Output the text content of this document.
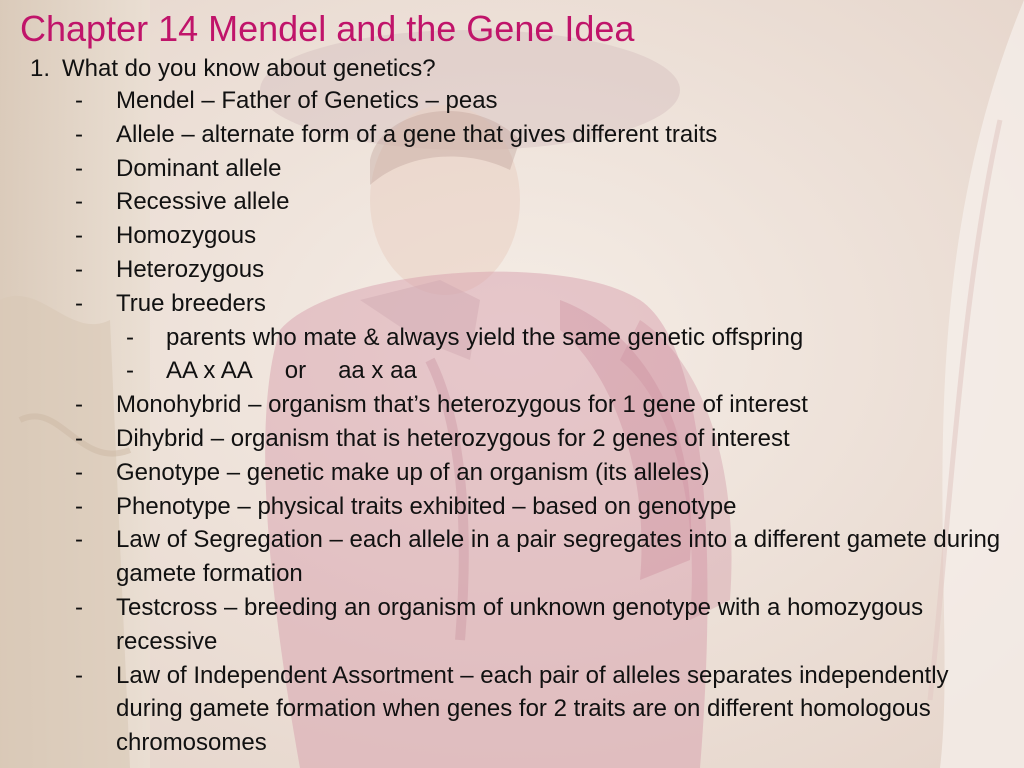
Chapter 14 Mendel and the Gene Idea
1. What do you know about genetics?
- Mendel – Father of Genetics – peas
- Allele – alternate form of a gene that gives different traits
- Dominant allele
- Recessive allele
- Homozygous
- Heterozygous
- True breeders
- parents who mate & always yield the same genetic offspring
- AA x AA or aa x aa
- Monohybrid – organism that’s heterozygous for 1 gene of interest
- Dihybrid – organism that is heterozygous for 2 genes of interest
- Genotype – genetic make up of an organism (its alleles)
- Phenotype – physical traits exhibited – based on genotype
- Law of Segregation – each allele in a pair segregates into a different gamete during gamete formation
- Testcross – breeding an organism of unknown genotype with a homozygous recessive
- Law of Independent Assortment – each pair of alleles separates independently during gamete formation when genes for 2 traits are on different homologous chromosomes
